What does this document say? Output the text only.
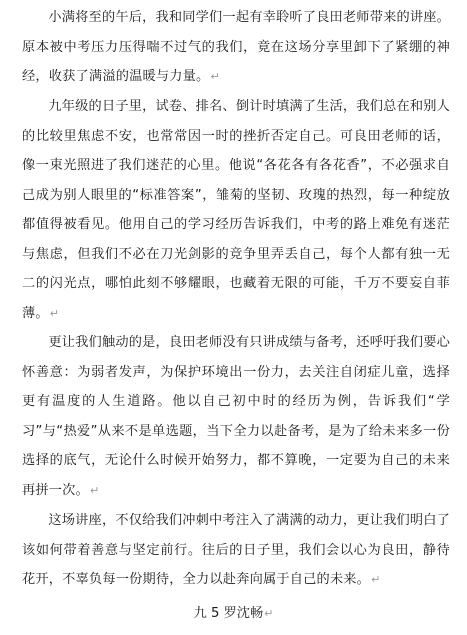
小满将至的午后，我和同学们一起有幸聆听了良田老师带来的讲座。原本被中考压力压得喘不过气的我们，竟在这场分享里卸下了紧绷的神经，收获了满溢的温暖与力量。↵

九年级的日子里，试卷、排名、倒计时填满了生活，我们总在和别人的比较里焦虑不安，也常常因一时的挫折否定自己。可良田老师的话，像一束光照进了我们迷茫的心里。他说“各花各有各花香”，不必强求自己成为别人眼里的“标准答案”，雏菊的坚韧、玫瑰的热烈，每一种绽放都值得被看见。他用自己的学习经历告诉我们，中考的路上难免有迷茫与焦虑，但我们不必在刀光剑影的竞争里弄丢自己，每个人都有独一无二的闪光点，哪怕此刻不够耀眼，也藏着无限的可能，千万不要妄自菲薄。↵

更让我们触动的是，良田老师没有只讲成绩与备考，还呼吁我们要心怀善意：为弱者发声，为保护环境出一份力，去关注自闭症儿童，选择更有温度的人生道路。他以自己初中时的经历为例，告诉我们“学习”与“热爱”从来不是单选题，当下全力以赴备考，是为了给未来多一份选择的底气，无论什么时候开始努力，都不算晚，一定要为自己的未来再拼一次。↵

这场讲座，不仅给我们冲刺中考注入了满满的动力，更让我们明白了该如何带着善意与坚定前行。往后的日子里，我们会以心为良田，静待花开，不辜负每一份期待，全力以赴奔向属于自己的未来。↵

九 5 罗沈畅↵
